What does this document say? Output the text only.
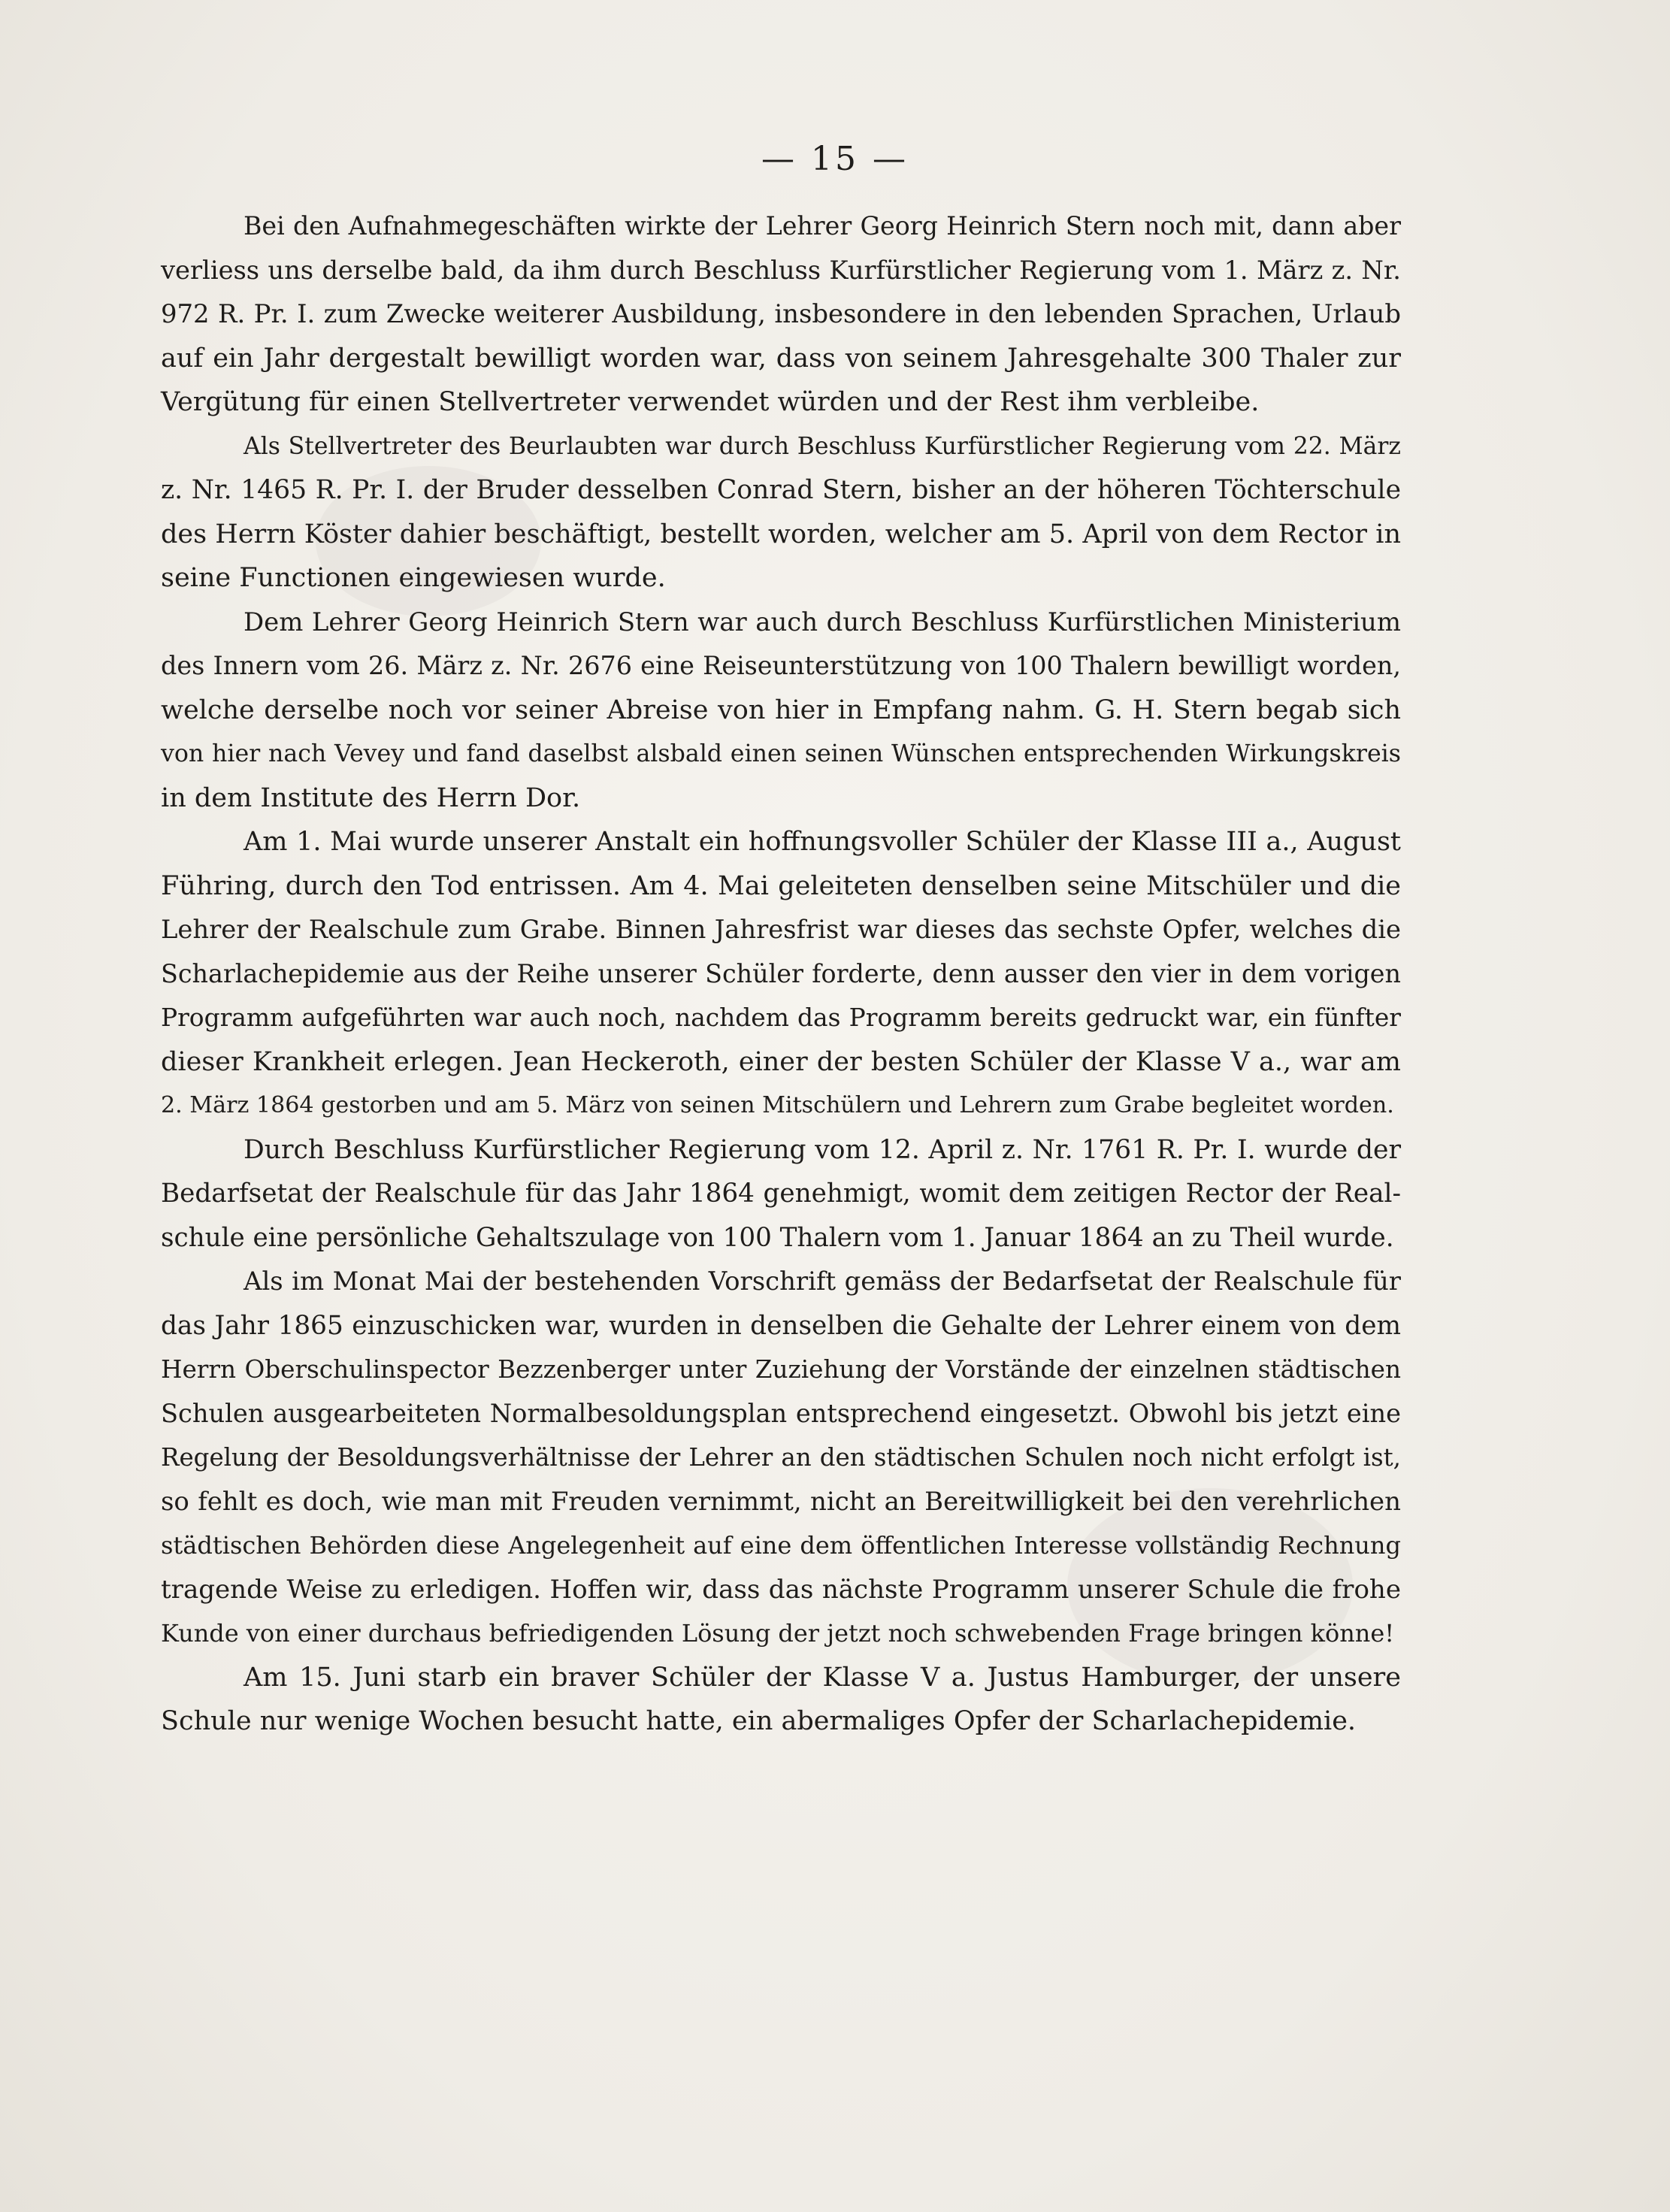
— 15 —
Bei den Aufnahmegeschäften wirkte der Lehrer Georg Heinrich Stern noch mit, dann aber
verliess uns derselbe bald, da ihm durch Beschluss Kurfürstlicher Regierung vom 1. März z. Nr.
972 R. Pr. I. zum Zwecke weiterer Ausbildung, insbesondere in den lebenden Sprachen, Urlaub
auf ein Jahr dergestalt bewilligt worden war, dass von seinem Jahresgehalte 300 Thaler zur
Vergütung für einen Stellvertreter verwendet würden und der Rest ihm verbleibe.
Als Stellvertreter des Beurlaubten war durch Beschluss Kurfürstlicher Regierung vom 22. März
z. Nr. 1465 R. Pr. I. der Bruder desselben Conrad Stern, bisher an der höheren Töchterschule
des Herrn Köster dahier beschäftigt, bestellt worden, welcher am 5. April von dem Rector in
seine Functionen eingewiesen wurde.
Dem Lehrer Georg Heinrich Stern war auch durch Beschluss Kurfürstlichen Ministerium
des Innern vom 26. März z. Nr. 2676 eine Reiseunterstützung von 100 Thalern bewilligt worden,
welche derselbe noch vor seiner Abreise von hier in Empfang nahm. G. H. Stern begab sich
von hier nach Vevey und fand daselbst alsbald einen seinen Wünschen entsprechenden Wirkungskreis
in dem Institute des Herrn Dor.
Am 1. Mai wurde unserer Anstalt ein hoffnungsvoller Schüler der Klasse III a., August
Führing, durch den Tod entrissen. Am 4. Mai geleiteten denselben seine Mitschüler und die
Lehrer der Realschule zum Grabe. Binnen Jahresfrist war dieses das sechste Opfer, welches die
Scharlachepidemie aus der Reihe unserer Schüler forderte, denn ausser den vier in dem vorigen
Programm aufgeführten war auch noch, nachdem das Programm bereits gedruckt war, ein fünfter
dieser Krankheit erlegen. Jean Heckeroth, einer der besten Schüler der Klasse V a., war am
2. März 1864 gestorben und am 5. März von seinen Mitschülern und Lehrern zum Grabe begleitet worden.
Durch Beschluss Kurfürstlicher Regierung vom 12. April z. Nr. 1761 R. Pr. I. wurde der
Bedarfsetat der Realschule für das Jahr 1864 genehmigt, womit dem zeitigen Rector der Real-
schule eine persönliche Gehaltszulage von 100 Thalern vom 1. Januar 1864 an zu Theil wurde.
Als im Monat Mai der bestehenden Vorschrift gemäss der Bedarfsetat der Realschule für
das Jahr 1865 einzuschicken war, wurden in denselben die Gehalte der Lehrer einem von dem
Herrn Oberschulinspector Bezzenberger unter Zuziehung der Vorstände der einzelnen städtischen
Schulen ausgearbeiteten Normalbesoldungsplan entsprechend eingesetzt. Obwohl bis jetzt eine
Regelung der Besoldungsverhältnisse der Lehrer an den städtischen Schulen noch nicht erfolgt ist,
so fehlt es doch, wie man mit Freuden vernimmt, nicht an Bereitwilligkeit bei den verehrlichen
städtischen Behörden diese Angelegenheit auf eine dem öffentlichen Interesse vollständig Rechnung
tragende Weise zu erledigen. Hoffen wir, dass das nächste Programm unserer Schule die frohe
Kunde von einer durchaus befriedigenden Lösung der jetzt noch schwebenden Frage bringen könne!
Am 15. Juni starb ein braver Schüler der Klasse V a. Justus Hamburger, der unsere
Schule nur wenige Wochen besucht hatte, ein abermaliges Opfer der Scharlachepidemie.
